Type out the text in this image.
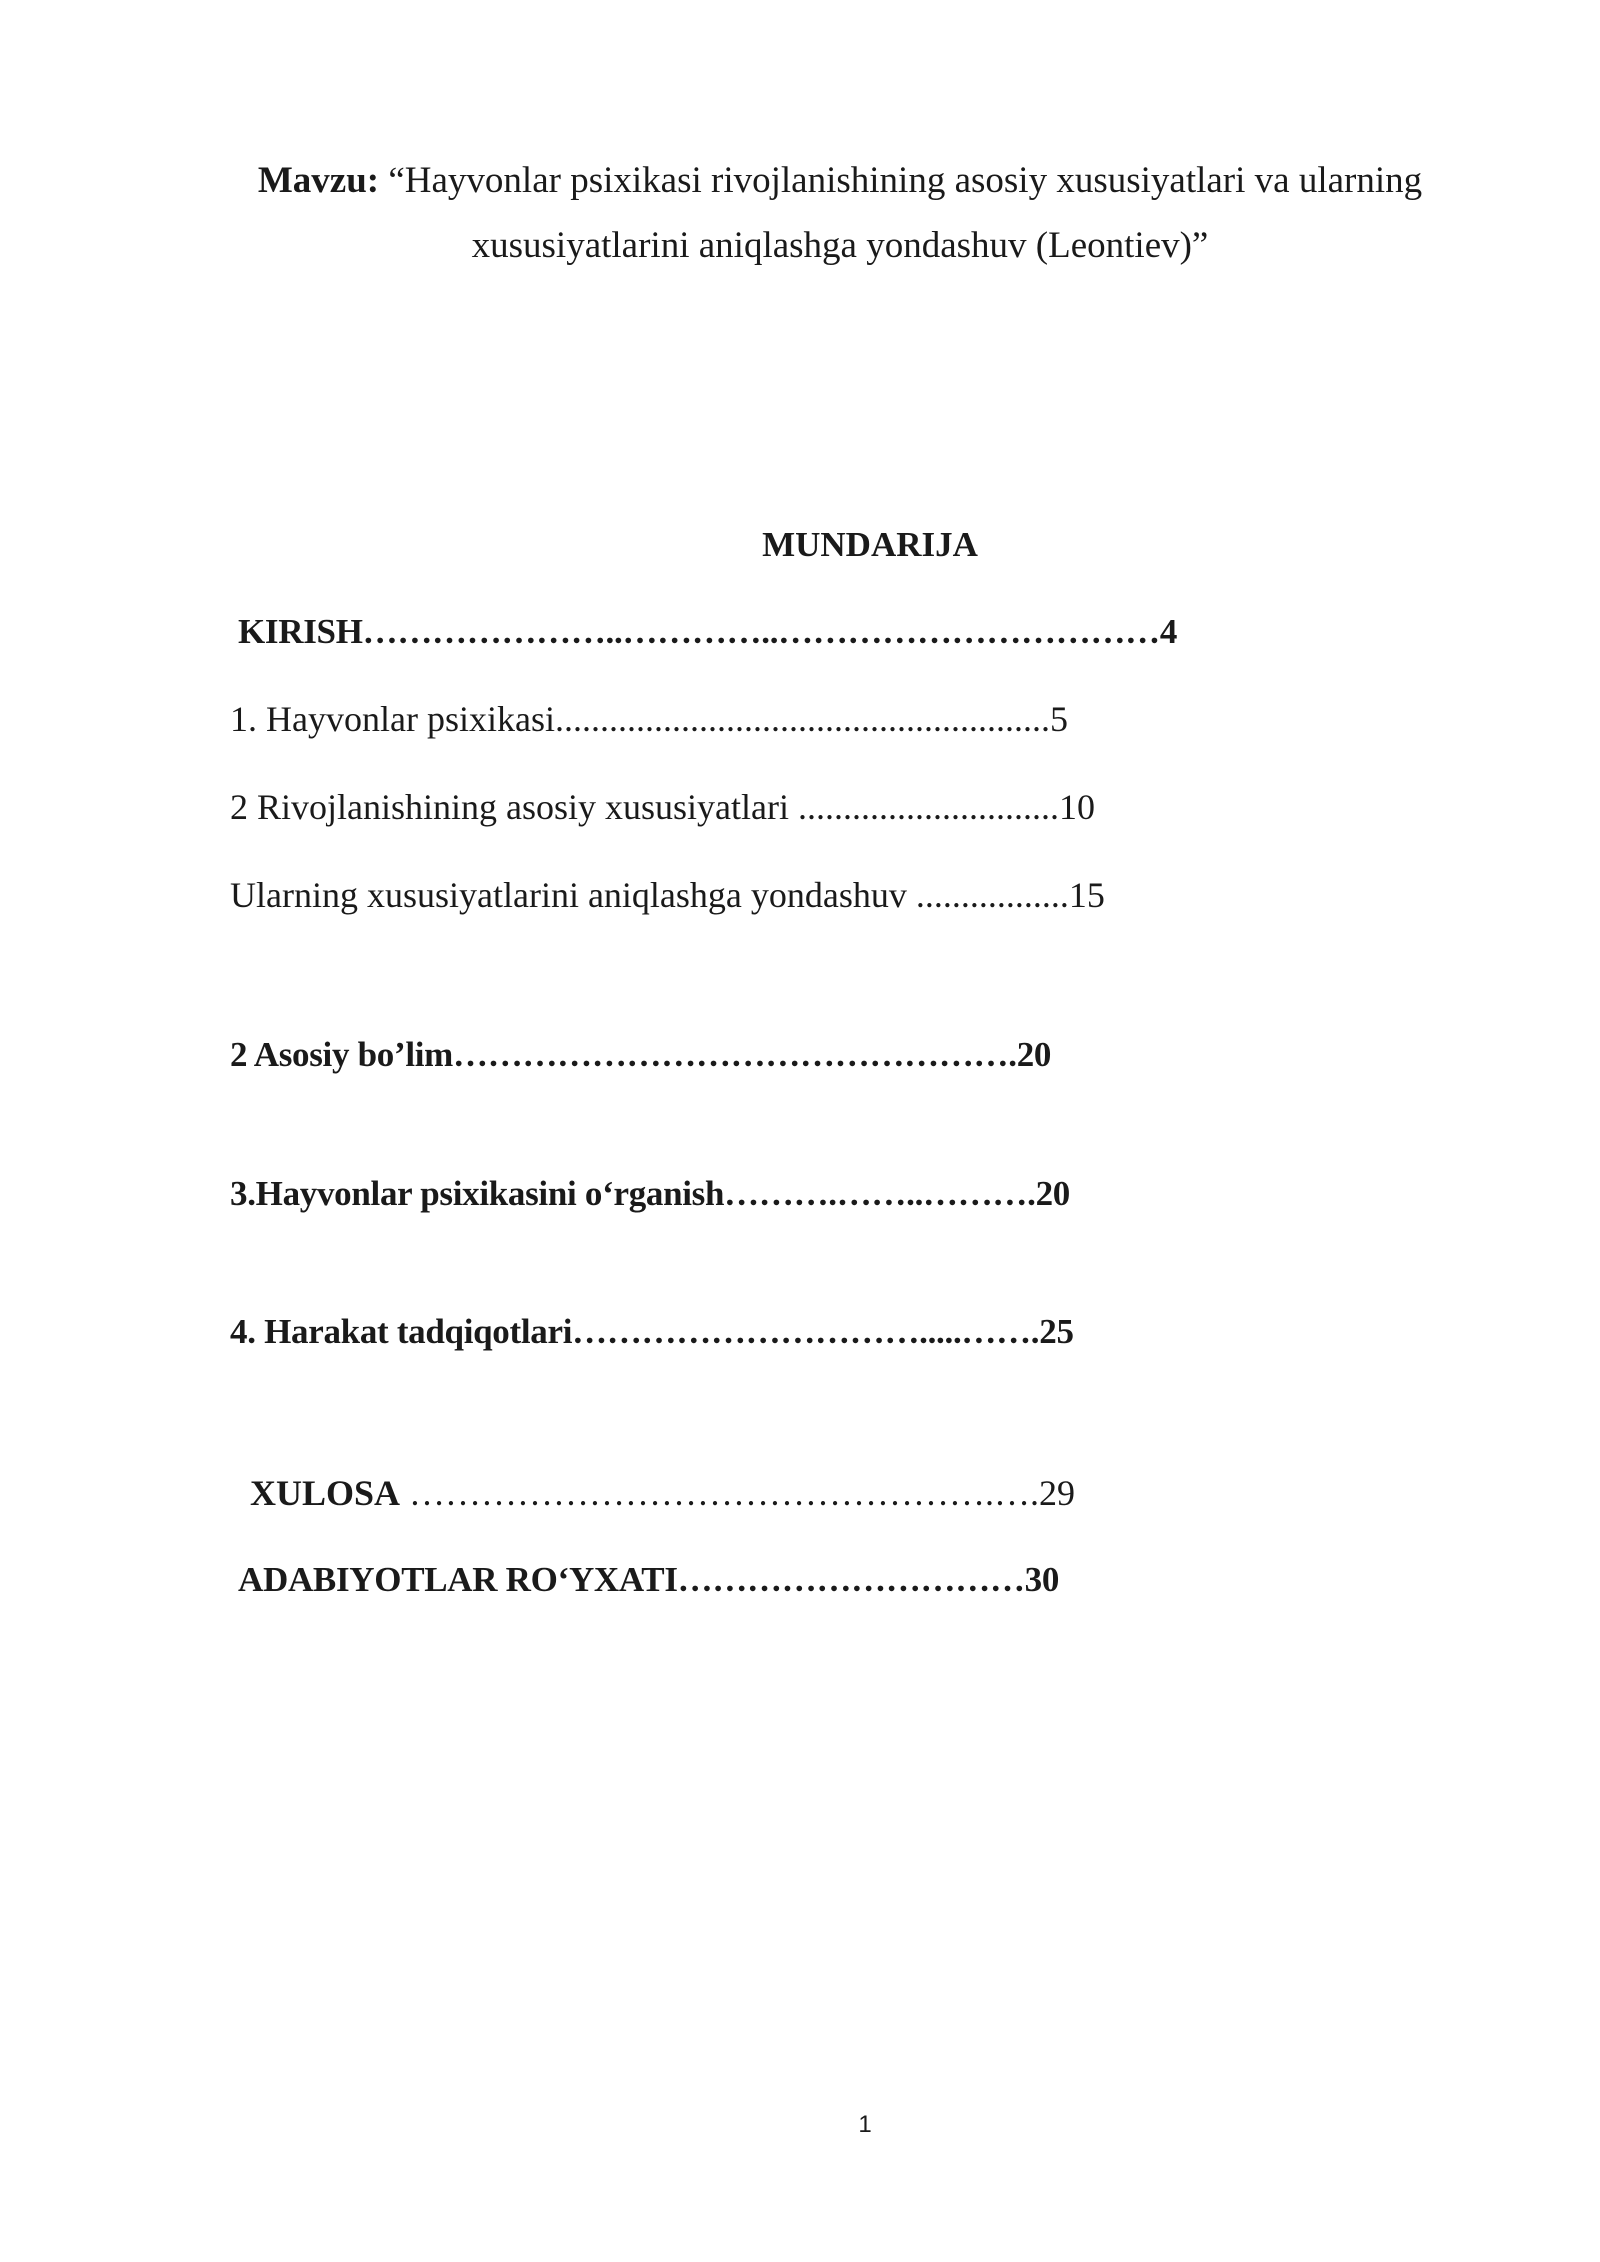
Mavzu: “Hayvonlar psixikasi rivojlanishining asosiy xususiyatlari va ularning xususiyatlarini aniqlashga yondashuv (Leontiev)”
MUNDARIJA
KIRISH…………………..…………..……………………………4
1. Hayvonlar psixikasi.......................................................5
2 Rivojlanishining asosiy xususiyatlari .............................10
Ularning xususiyatlarini aniqlashga yondashuv .................15
2 Asosiy bo’lim………………………………………….20
3.Hayvonlar psixikasini o‘rganish……….……..……….20
4. Harakat tadqiqotlari………………………….....…….25
XULOSA ………………………………………….….29
ADABIYOTLAR RO‘YXATI…………………………30
1
